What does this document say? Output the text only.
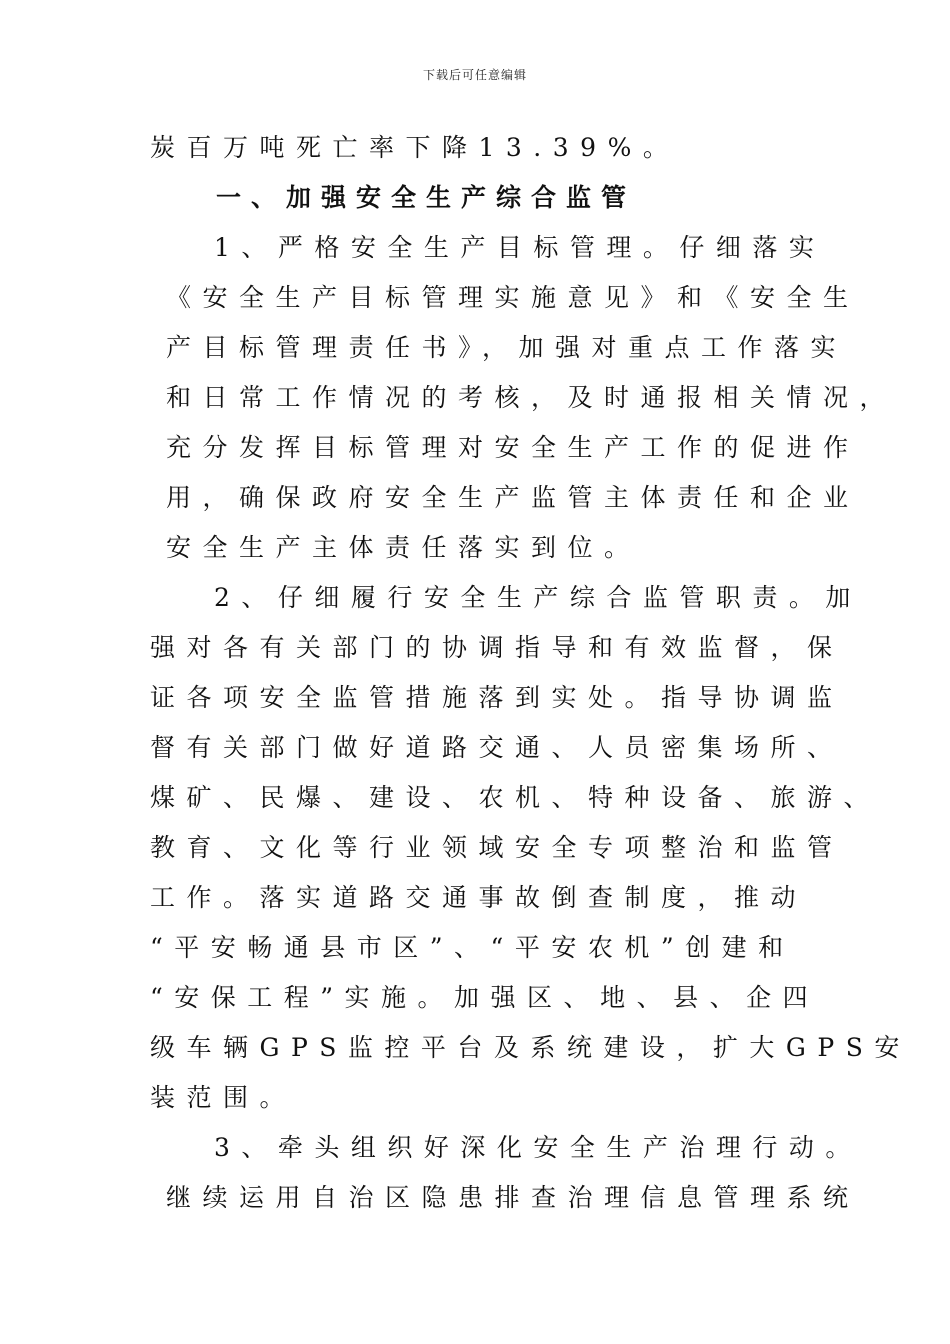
下载后可任意编辑
炭百万吨死亡率下降13.39%。
一、加强安全生产综合监管
1、严格安全生产目标管理。仔细落实
《安全生产目标管理实施意见》和《安全生
产目标管理责任书》，加强对重点工作落实
和日常工作情况的考核，及时通报相关情况，
充分发挥目标管理对安全生产工作的促进作
用，确保政府安全生产监管主体责任和企业
安全生产主体责任落实到位。
2、仔细履行安全生产综合监管职责。加
强对各有关部门的协调指导和有效监督，保
证各项安全监管措施落到实处。指导协调监
督有关部门做好道路交通、人员密集场所、
煤矿、民爆、建设、农机、特种设备、旅游、
教育、文化等行业领域安全专项整治和监管
工作。落实道路交通事故倒查制度，推动
“平安畅通县市区”、“平安农机”创建和
“安保工程”实施。加强区、地、县、企四
级车辆GPS监控平台及系统建设，扩大GPS安
装范围。
3、牵头组织好深化安全生产治理行动。
继续运用自治区隐患排查治理信息管理系统
